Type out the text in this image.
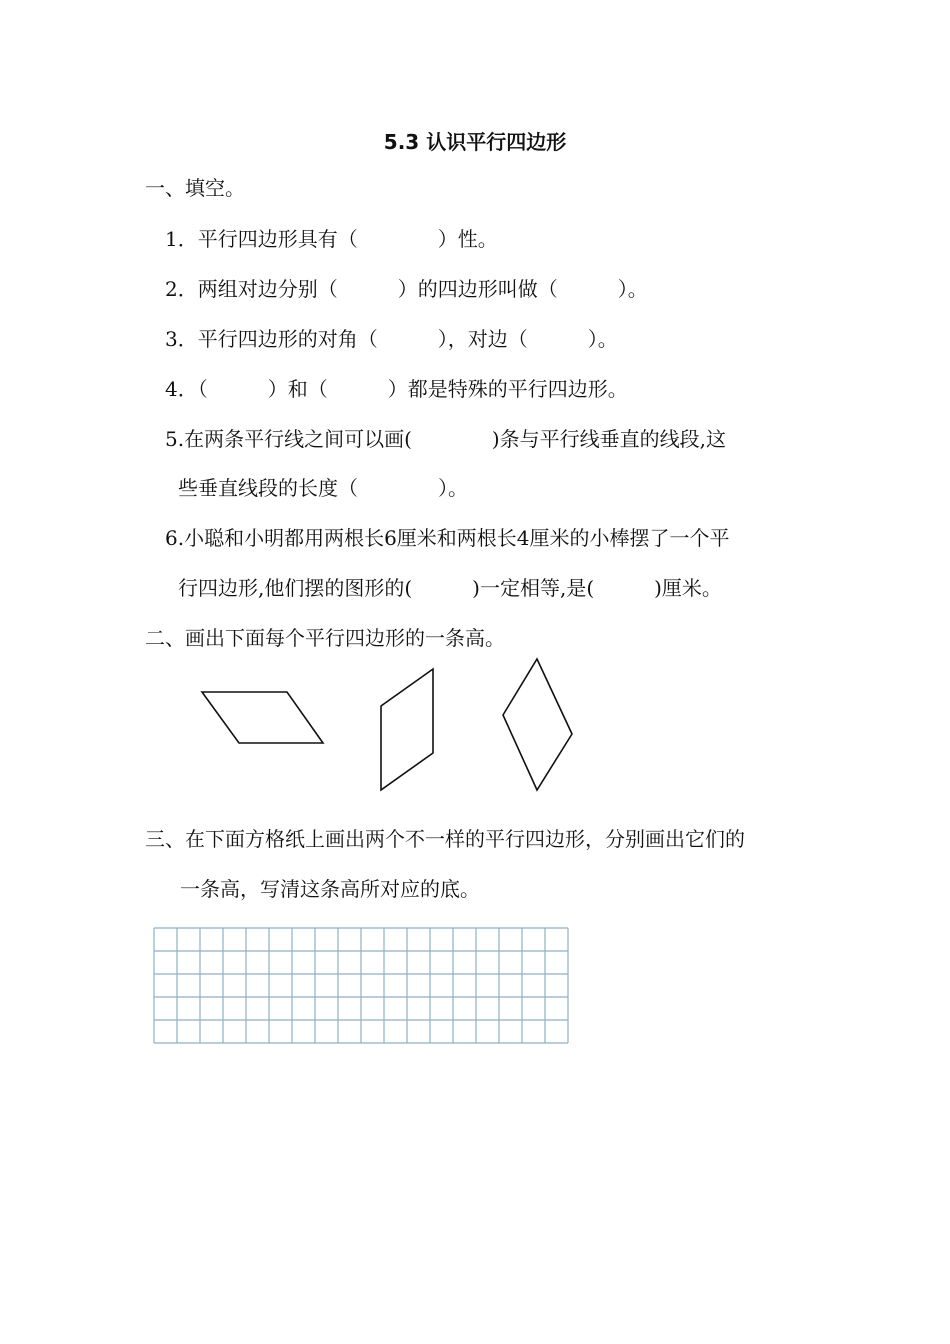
5.3 认识平行四边形
一、填空。
1．平行四边形具有（　　　　）性。
2．两组对边分别（　　　）的四边形叫做（　　　）。
3．平行四边形的对角（　　　），对边（　　　）。
4．（　　　）和（　　　）都是特殊的平行四边形。
5.在两条平行线之间可以画(　　　　)条与平行线垂直的线段,这
些垂直线段的长度（　　　　）。
6.小聪和小明都用两根长6厘米和两根长4厘米的小棒摆了一个平
行四边形,他们摆的图形的(　　　)一定相等,是(　　　)厘米。
二、画出下面每个平行四边形的一条高。
三、在下面方格纸上画出两个不一样的平行四边形，分别画出它们的
一条高，写清这条高所对应的底。
